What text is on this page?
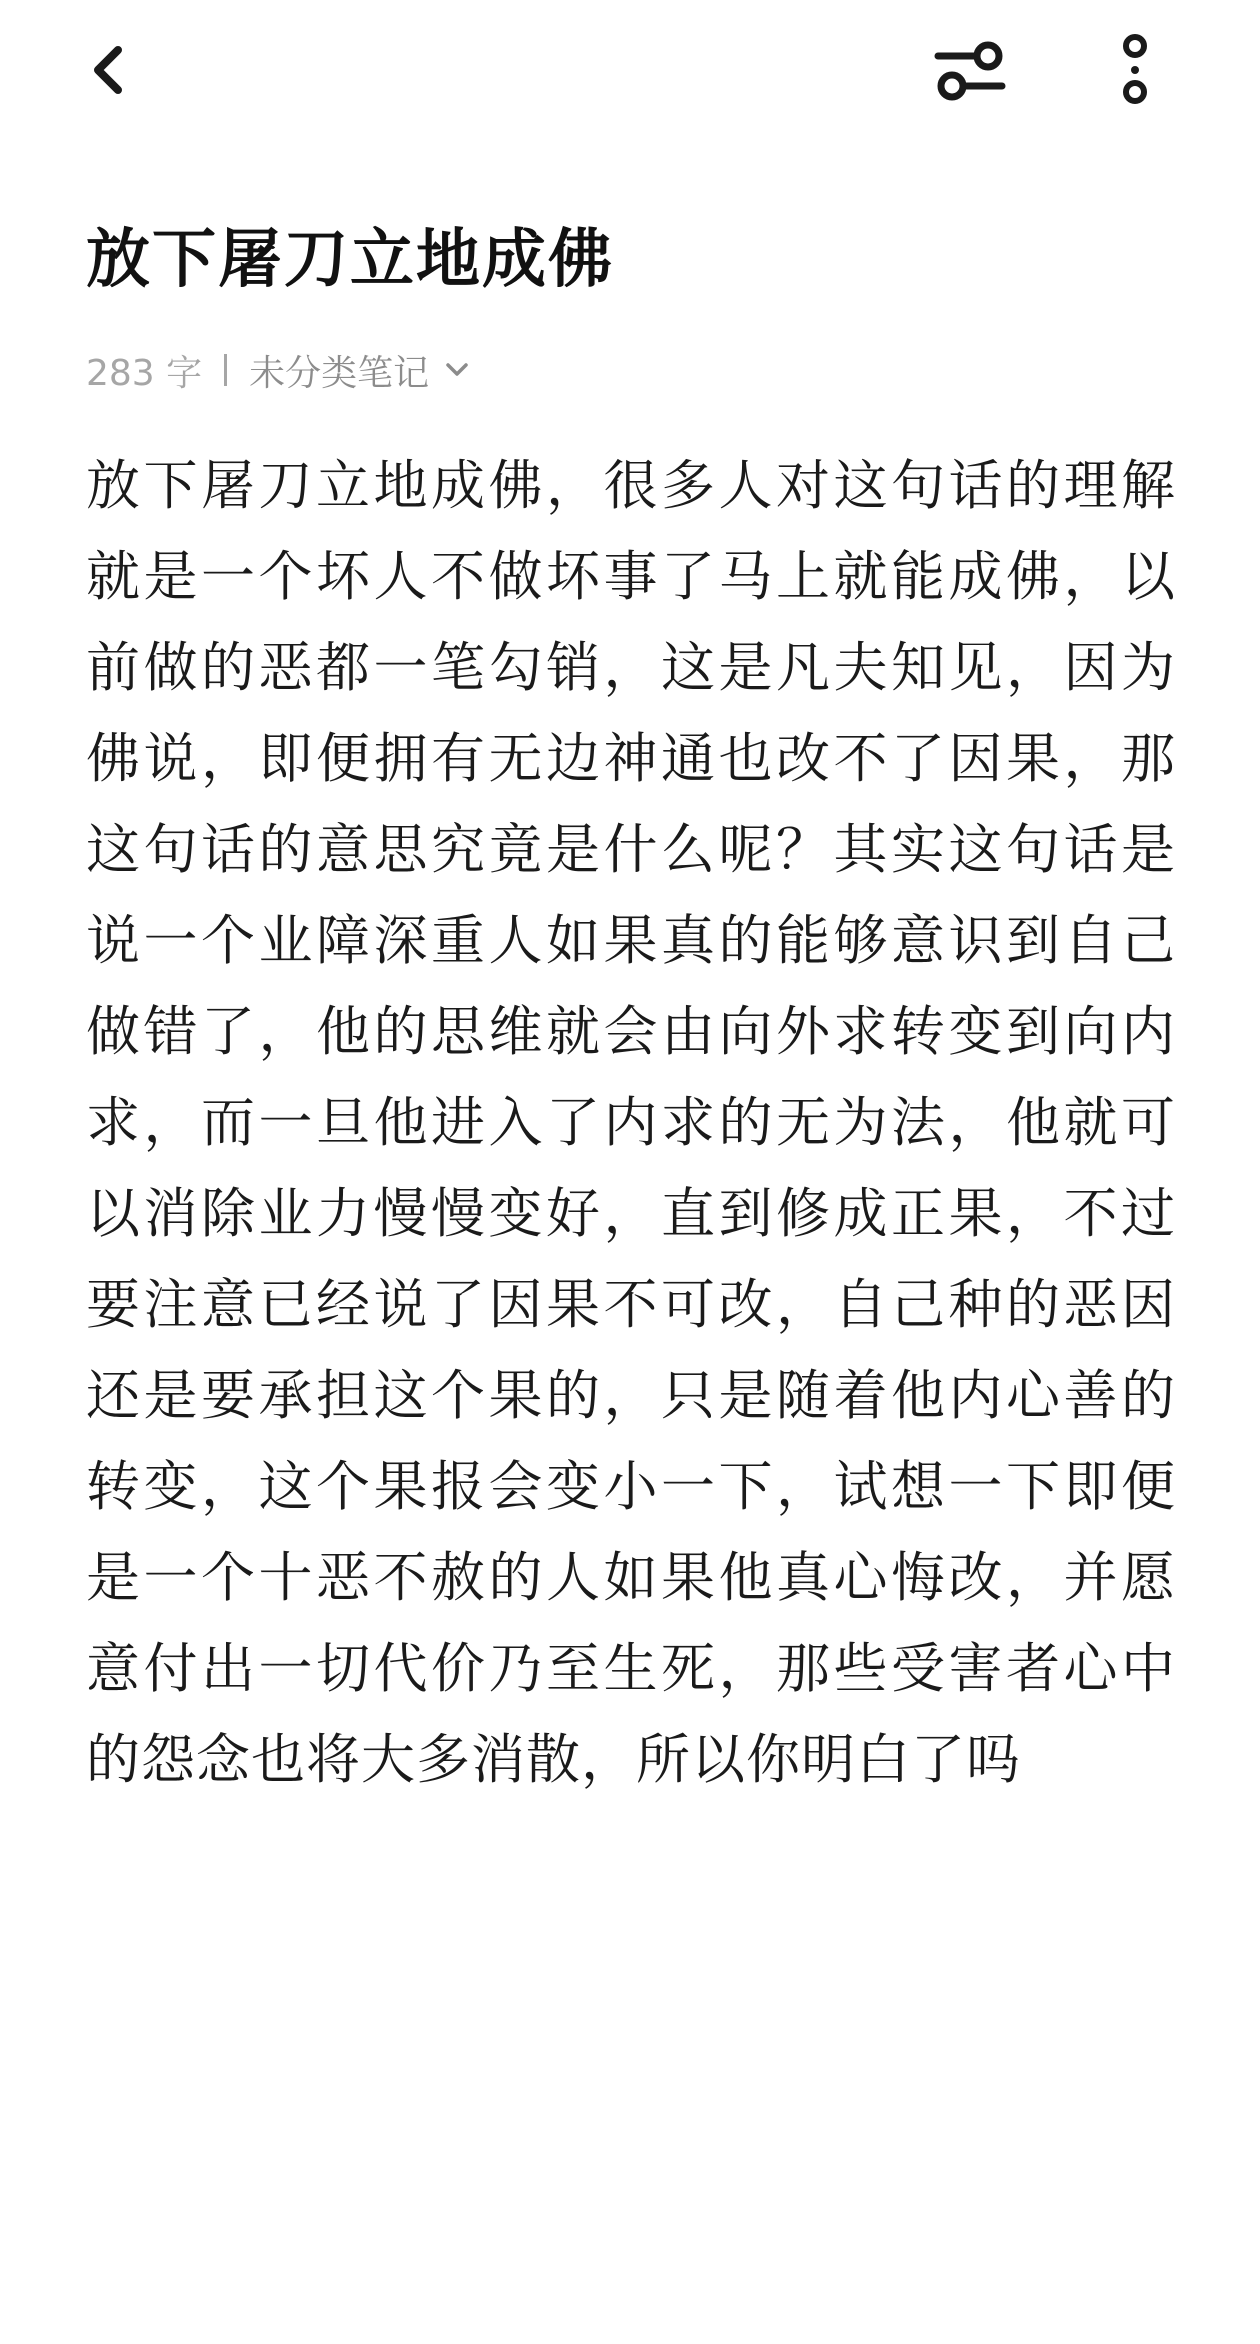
放下屠刀立地成佛
283 字 未分类笔记

放下屠刀立地成佛，很多人对这句话的理解就是一个坏人不做坏事了马上就能成佛，以前做的恶都一笔勾销，这是凡夫知见，因为佛说，即便拥有无边神通也改不了因果，那这句话的意思究竟是什么呢？其实这句话是说一个业障深重人如果真的能够意识到自己做错了，他的思维就会由向外求转变到向内求，而一旦他进入了内求的无为法，他就可以消除业力慢慢变好，直到修成正果，不过要注意已经说了因果不可改，自己种的恶因还是要承担这个果的，只是随着他内心善的转变，这个果报会变小一下，试想一下即便是一个十恶不赦的人如果他真心悔改，并愿意付出一切代价乃至生死，那些受害者心中的怨念也将大多消散，所以你明白了吗
